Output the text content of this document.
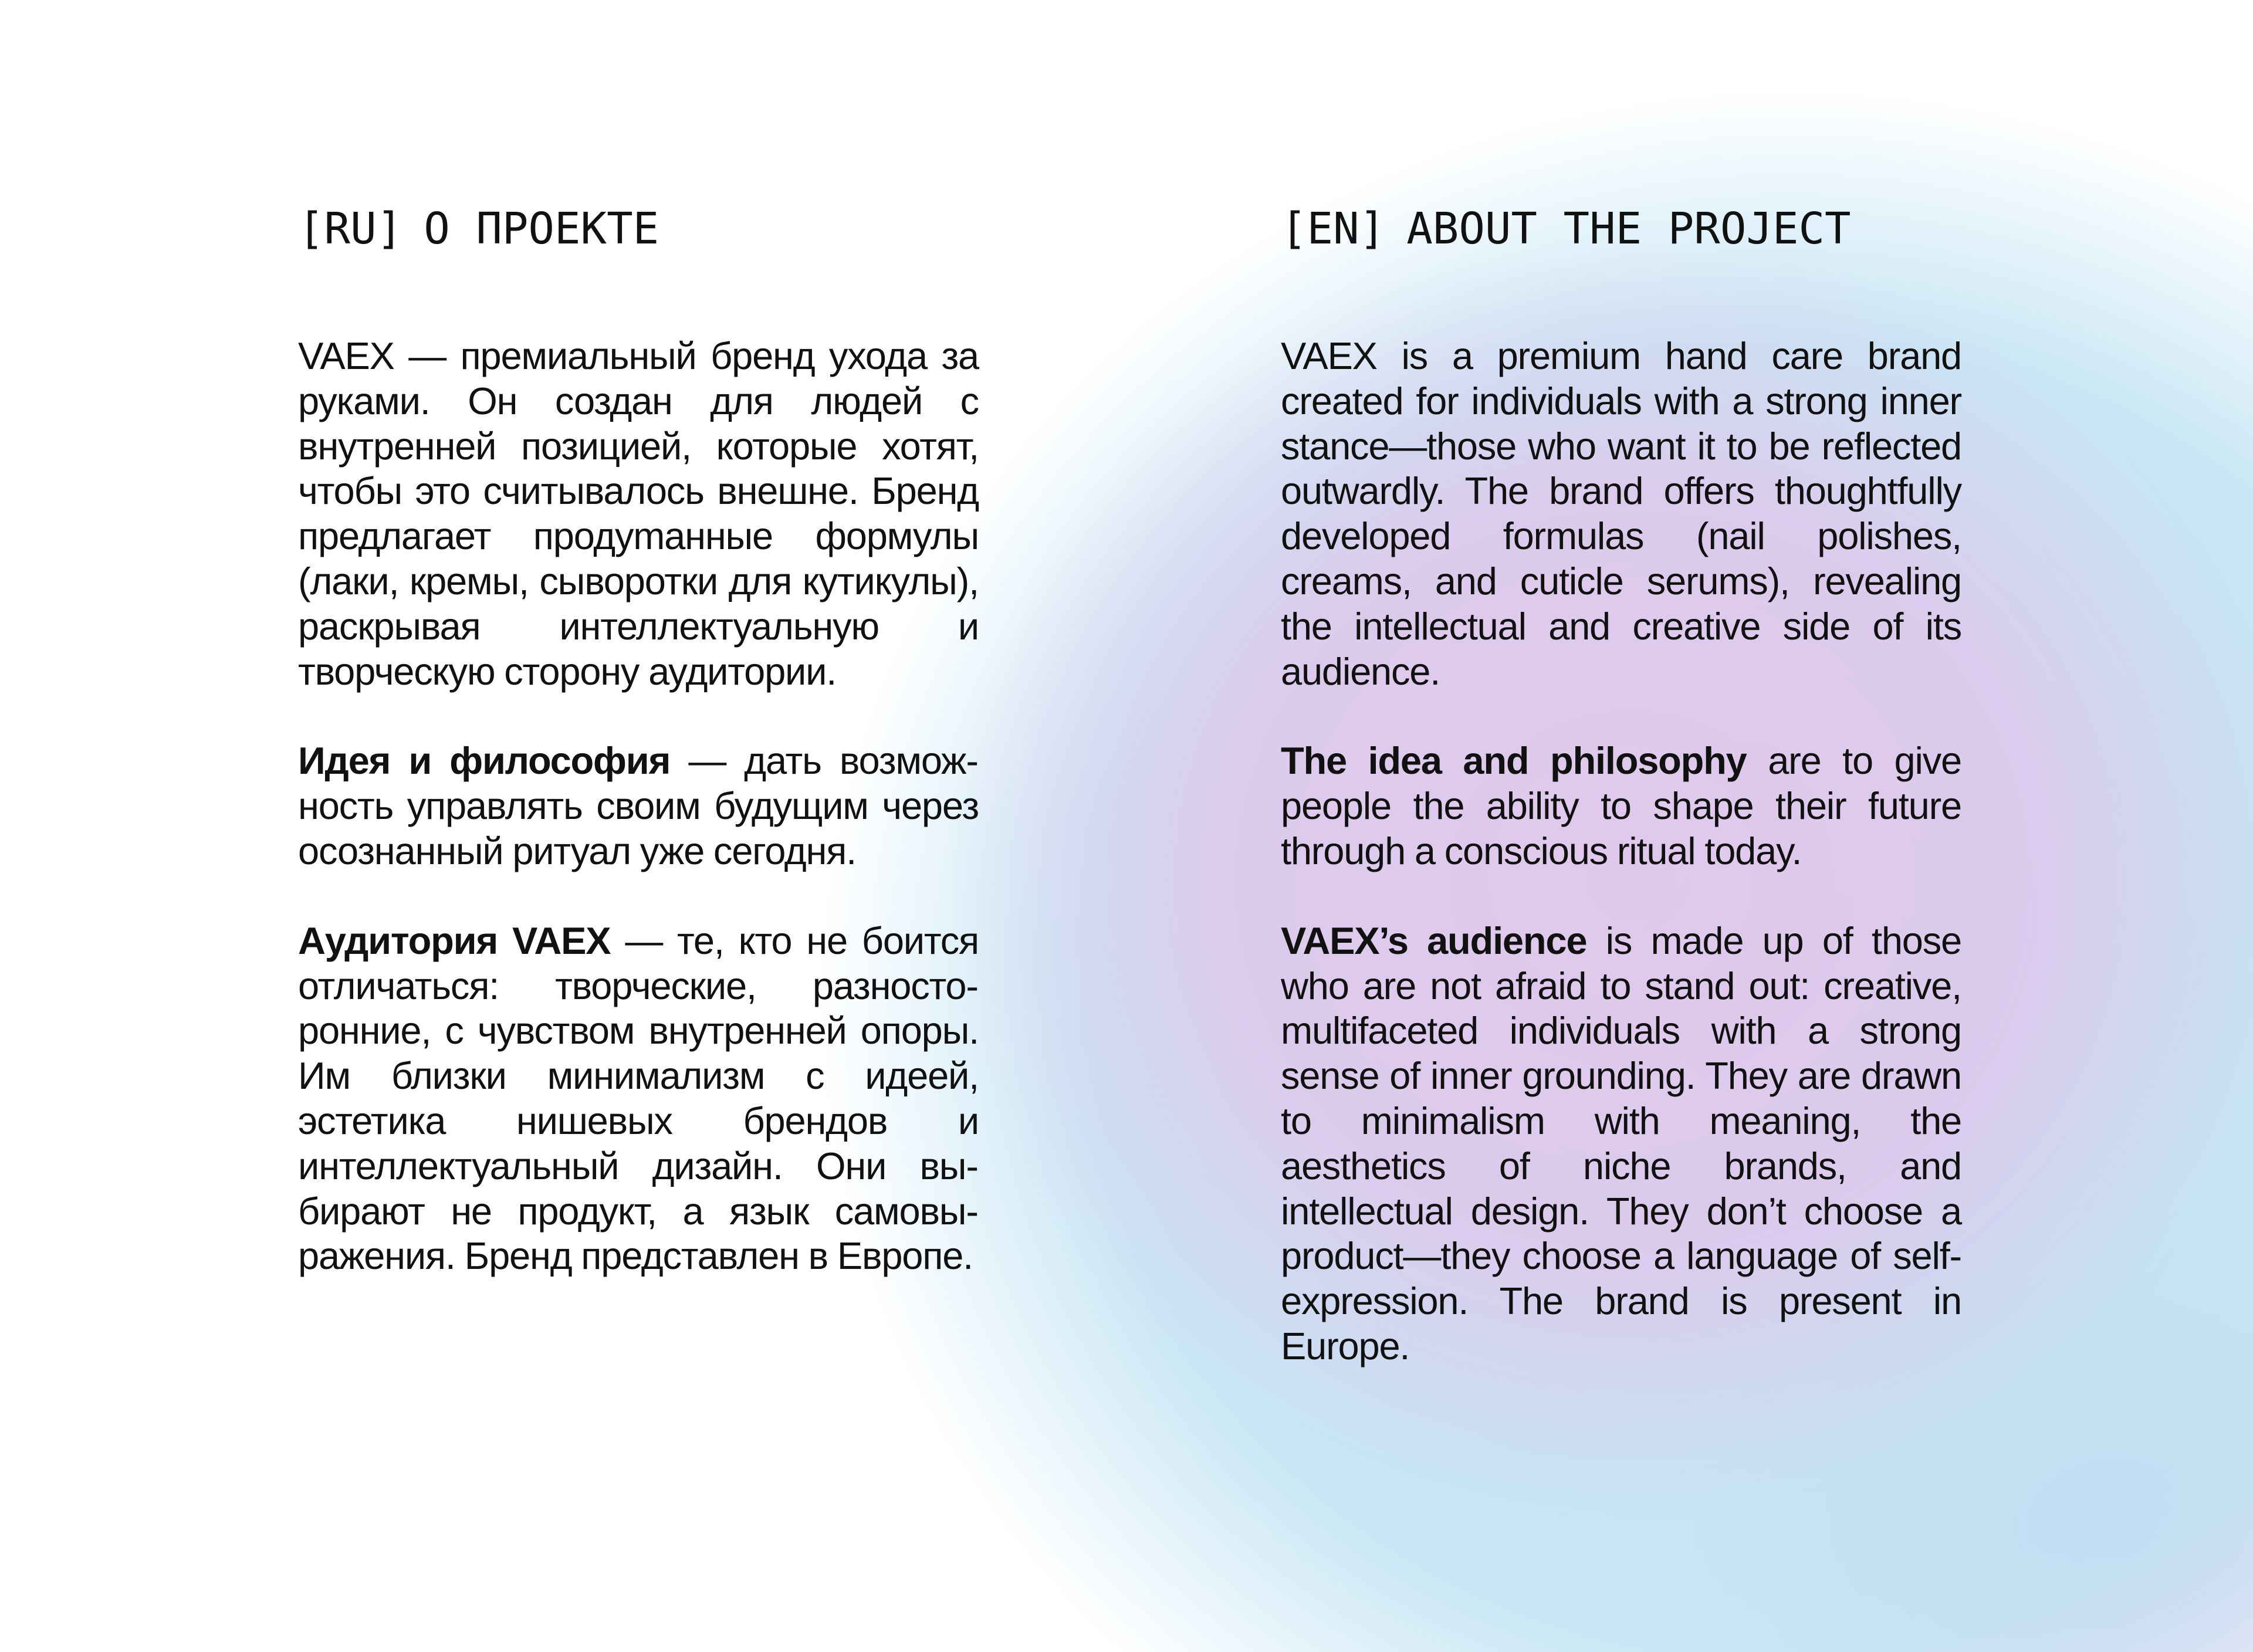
[RU] О ПРОЕКТЕ

VAEX — премиальный бренд ухода за руками. Он создан для людей с внутренней позицией, которые хотят, чтобы это считывалось внешне. Бренд предлагает продуmанные формулы (лаки, кремы, сыворотки для кутикулы), раскрывая интеллектуальную и творческую сторону аудитории.

Идея и философия — дать возможность управлять своим будущим через осознанный ритуал уже сегодня.

Аудитория VAEX — те, кто не боится отличаться: творческие, разносторонние, с чувством внутренней опоры. Им близки минимализм с идеей, эстетика нишевых брендов и интеллектуальный дизайн. Они выбирают не продукт, а язык самовыражения. Бренд представлен в Европе.

[EN] ABOUT THE PROJECT

VAEX is a premium hand care brand created for individuals with a strong inner stance—those who want it to be reflected outwardly. The brand offers thoughtfully developed formulas (nail polishes, creams, and cuticle serums), revealing the intellectual and creative side of its audience.

The idea and philosophy are to give people the ability to shape their future through a conscious ritual today.

VAEX’s audience is made up of those who are not afraid to stand out: creative, multifaceted individuals with a strong sense of inner grounding. They are drawn to minimalism with meaning, the aesthetics of niche brands, and intellectual design. They don’t choose a product—they choose a language of self-expression. The brand is present in Europe.
